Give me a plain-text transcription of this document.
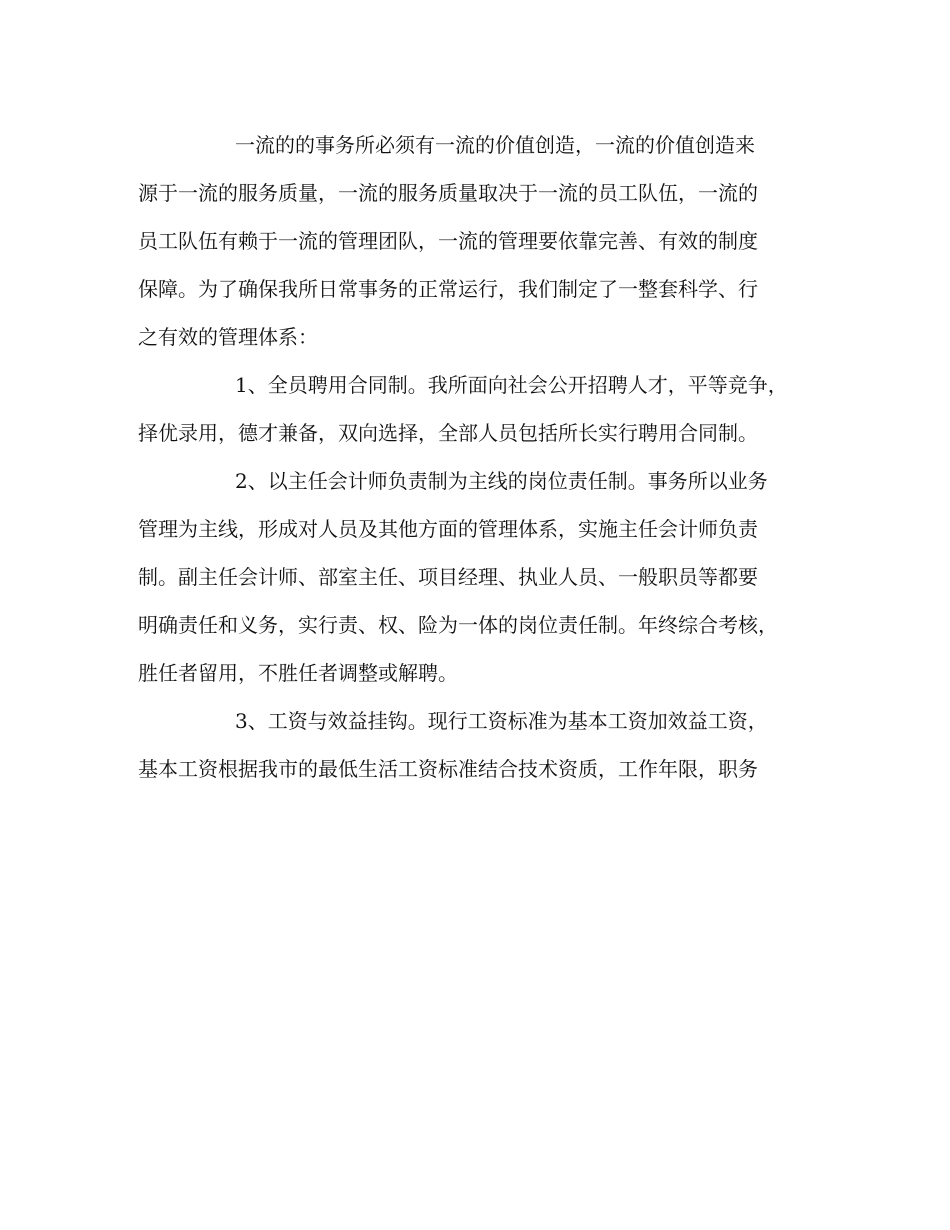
一流的的事务所必须有一流的价值创造，一流的价值创造来
源于一流的服务质量，一流的服务质量取决于一流的员工队伍，一流的
员工队伍有赖于一流的管理团队，一流的管理要依靠完善、有效的制度
保障。为了确保我所日常事务的正常运行，我们制定了一整套科学、行
之有效的管理体系：

1、全员聘用合同制。我所面向社会公开招聘人才，平等竞争，
择优录用，德才兼备，双向选择，全部人员包括所长实行聘用合同制。

2、以主任会计师负责制为主线的岗位责任制。事务所以业务
管理为主线，形成对人员及其他方面的管理体系，实施主任会计师负责
制。副主任会计师、部室主任、项目经理、执业人员、一般职员等都要
明确责任和义务，实行责、权、险为一体的岗位责任制。年终综合考核，
胜任者留用，不胜任者调整或解聘。

3、工资与效益挂钩。现行工资标准为基本工资加效益工资，
基本工资根据我市的最低生活工资标准结合技术资质，工作年限，职务
